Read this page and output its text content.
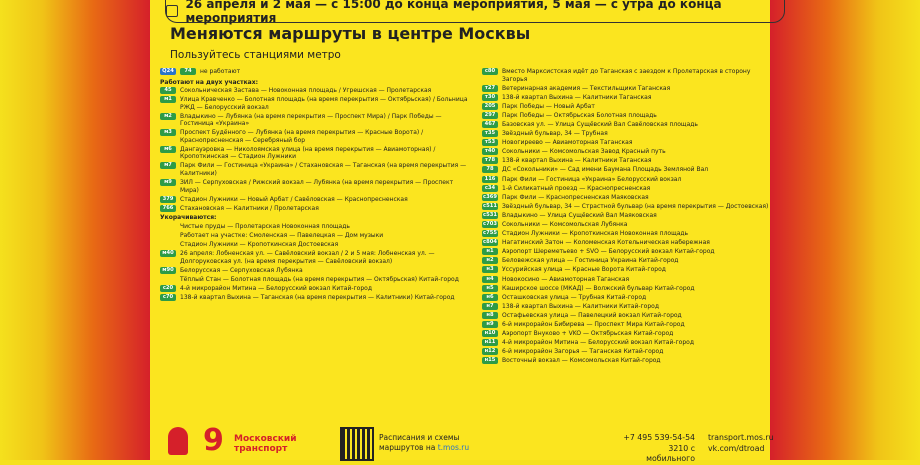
26 апреля и 2 мая — с 15:00 до конца мероприятия, 5 мая — с утра до конца мероприятия
Меняются маршруты в центре Москвы
Пользуйтесь станциями метро
Q24	74	не работают
Работают на двух участках:
45	Сокольническая Застава — Новоконная площадь / Угрешская — Пролетарская
м1	Улица Кравченко — Болотная площадь (на время перекрытия — Октябрьская) / Больница РЖД — Белорусский вокзал
м2	Владыкино — Лубянка (на время перекрытия — Проспект Мира) / Парк Победы — Гостиница «Украина»
м3	Проспект Будённого — Лубянка (на время перекрытия — Красные Ворота) / Краснопресненская — Серебряный бор
м6	Дангауэровка — Николоямская улица (на время перекрытия — Авиамоторная) / Кропоткинская — Стадион Лужники
м7	Парк Фили — Гостиница «Украина» / Стахановская — Таганская (на время перекрытия — Калитники)
м9	ЗИЛ — Серпуховская / Рижский вокзал — Лубянка (на время перекрытия — Проспект Мира)
379	Стадион Лужники — Новый Арбат / Савёловская — Краснопресненская
766	Стахановская — Калитники / Пролетарская
Укорачиваются:
Чистые пруды — Пролетарская Новоконная площадь
Работает на участке: Смоленская — Павелецкая — Дом музыки
Стадион Лужники — Кропоткинская Достоевская
м40	26 апреля: Лобненская ул. — Савёловский вокзал / 2 и 5 мая: Лобненская ул. — Долгоруковская ул. (на время перекрытия — Савёловский вокзал)
м90	Белорусская — Серпуховская Лубянка
Тёплый Стан — Болотная площадь (на время перекрытия — Октябрьская) Китай-город
с20	4-й микрорайон Митина — Белорусский вокзал Китай-город
с70	138-й квартал Выхина — Таганская (на время перекрытия — Калитники) Китай-город
с80	Вместо Марксистская идёт до Таганская с заездом к Пролетарская в сторону Загорья
т27	Ветеринарная академия — Текстильщики Таганская
т30	138-й квартал Выхина — Калитники Таганская
205	Парк Победы — Новый Арбат
297	Парк Победы — Октябрьская Болотная площадь
467	Базовская ул. — Улица Сущёвский Вал Савёловская площадь
т35	Звёздный бульвар, 34 — Трубная
т53	Новогиреево — Авиамоторная Таганская
т40	Сокольники — Комсомольская Завод Красный путь
т78	138-й квартал Выхина — Калитники Таганская
78	ДС «Сокольники» — Сад имени Баумана Площадь Земляной Вал
116	Парк Фили — Гостиница «Украина» Белорусский вокзал
с34	1-й Силикатный проезд — Краснопресненская
с369 Парк Фили — Краснопресненская Маяковская
с511 Звёздный бульвар, 34 — Страстной бульвар (на время перекрытия — Достоевская)
с531 Владыкино — Улица Сущёвский Вал Маяковская
с703 Сокольники — Комсомольская Лубянка
с755 Стадион Лужники — Кропоткинская Новоконная площадь
с804 Нагатинский Затон — Коломенская Котельническая набережная
н1	Аэропорт Шереметьево + SVO — Белорусский вокзал Китай-город
н2	Беловежская улица — Гостиница Украина Китай-город
н3	Уссурийская улица — Красные Ворота Китай-город
н4	Новокосино — Авиамоторная Таганская
н5	Каширское шоссе (МКАД) — Волжский бульвар Китай-город
н6	Осташковская улица — Трубная Китай-город
н7	138-й квартал Выхина — Калитники Китай-город
н8	Остафьевская улица — Павелецкий вокзал Китай-город
н9	6-й микрорайон Бибирева — Проспект Мира Китай-город
н10	Аэропорт Внуково + VKO — Октябрьская Китай-город
н11	4-й микрорайон Митина — Белорусский вокзал Китай-город
н12	6-й микрорайон Загорья — Таганская Китай-город
н15	Восточный вокзал — Комсомольская Китай-город
9	Московский
транспорт
Расписания и схемы
маршрутов на t.mos.ru
+7 495 539-54-54
3210 с мобильного
transport.mos.ru
vk.com/dtroad
